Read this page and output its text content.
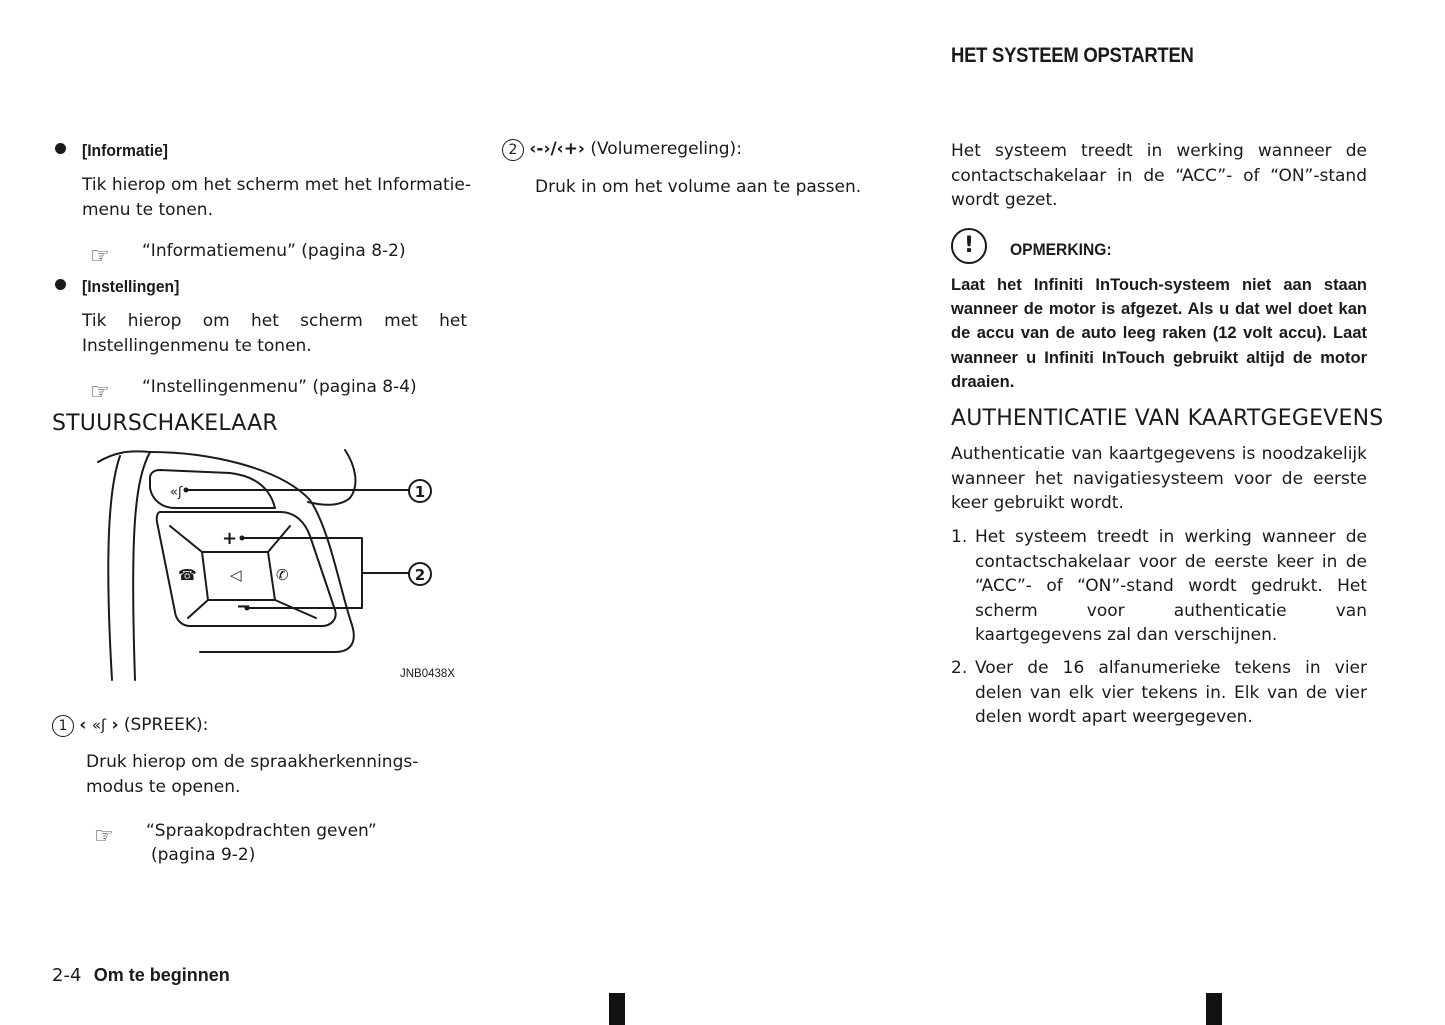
HET SYSTEEM OPSTARTEN
[Informatie]
Tik hierop om het scherm met het Informatie-menu te tonen.
☞ “Informatiemenu” (pagina 8-2)
[Instellingen]
Tik hierop om het scherm met het Instellingenmenu te tonen.
☞ “Instellingenmenu” (pagina 8-4)
STUURSCHAKELAAR
«ʃ
+
−
☎ ◁ ✆
1
2
JNB0438X
1 ‹ «ʃ › (SPREEK):
Druk hierop om de spraakherkennings-modus te openen.
☞ “Spraakopdrachten geven”
(pagina 9-2)
2 ‹-›/‹+› (Volumeregeling):
Druk in om het volume aan te passen.
Het systeem treedt in werking wanneer de contactschakelaar in de “ACC”- of “ON”-stand wordt gezet.
!	OPMERKING:
Laat het Infiniti InTouch-systeem niet aan staan wanneer de motor is afgezet. Als u dat wel doet kan de accu van de auto leeg raken (12 volt accu). Laat wanneer u Infiniti InTouch gebruikt altijd de motor draaien.
AUTHENTICATIE VAN KAARTGEGEVENS
Authenticatie van kaartgegevens is noodzakelijk wanneer het navigatiesysteem voor de eerste keer gebruikt wordt.
1. Het systeem treedt in werking wanneer de contactschakelaar voor de eerste keer in de “ACC”- of “ON”-stand wordt gedrukt. Het scherm voor authenticatie van kaartgegevens zal dan verschijnen.
2. Voer de 16 alfanumerieke tekens in vier delen van elk vier tekens in. Elk van de vier delen wordt apart weergegeven.
2-4 Om te beginnen
